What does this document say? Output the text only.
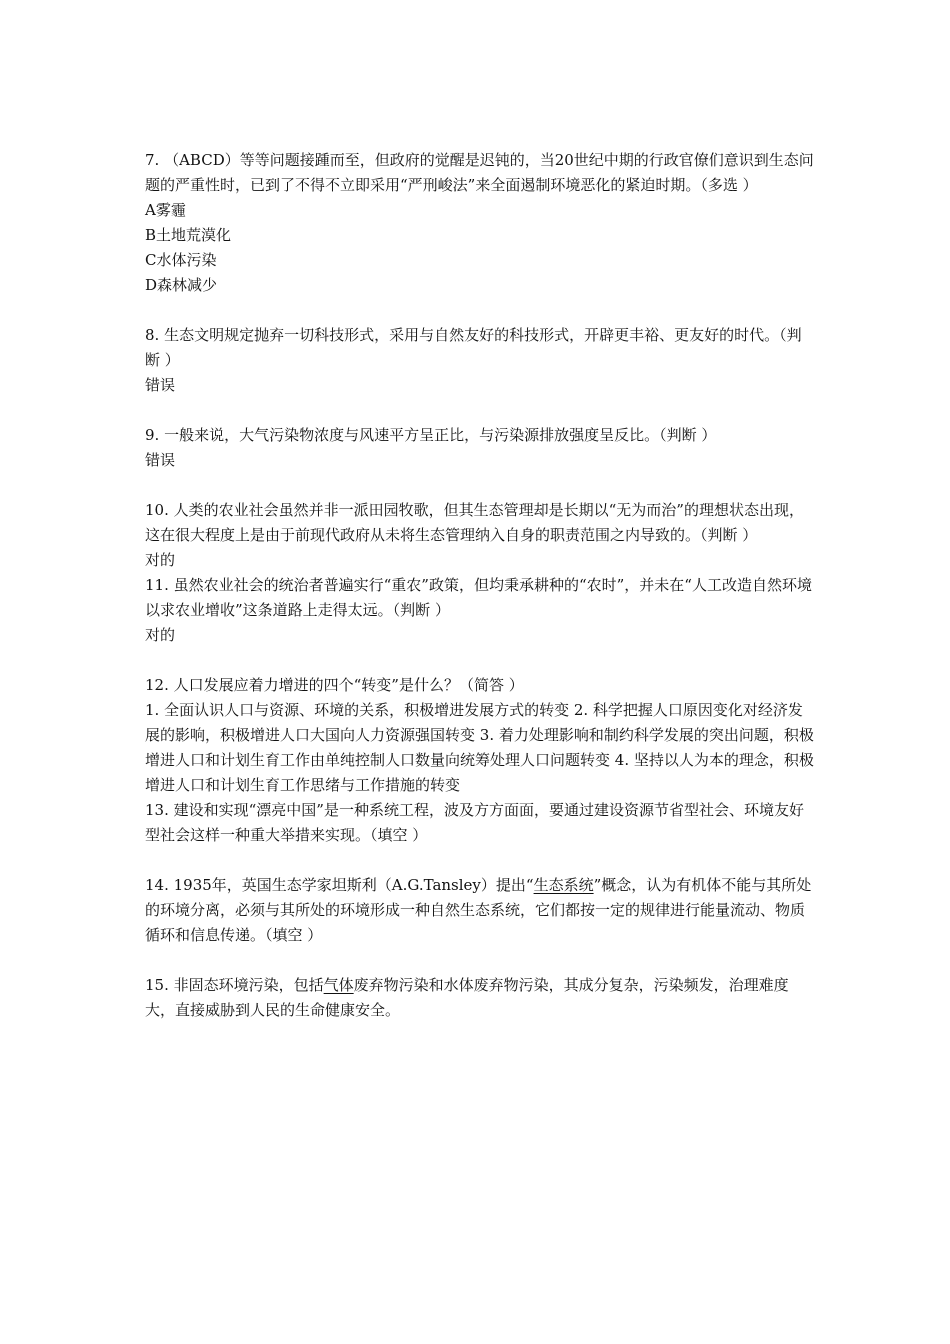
7. （ABCD）等等问题接踵而至，但政府的觉醒是迟钝的，当20世纪中期的行政官僚们意识到生态问题的严重性时，已到了不得不立即采用“严刑峻法”来全面遏制环境恶化的紧迫时期。（多选 ）

A雾霾
B土地荒漠化
C水体污染
D森林减少

8. 生态文明规定抛弃一切科技形式，采用与自然友好的科技形式，开辟更丰裕、更友好的时代。（判断 ）

错误

9. 一般来说，大气污染物浓度与风速平方呈正比，与污染源排放强度呈反比。（判断 ）

错误

10. 人类的农业社会虽然并非一派田园牧歌，但其生态管理却是长期以“无为而治”的理想状态出现，这在很大程度上是由于前现代政府从未将生态管理纳入自身的职责范围之内导致的。（判断 ）

对的

11. 虽然农业社会的统治者普遍实行“重农”政策，但均秉承耕种的“农时”，并未在“人工改造自然环境以求农业增收”这条道路上走得太远。（判断 ）

对的

12. 人口发展应着力增进的四个“转变”是什么？（简答 ）

1. 全面认识人口与资源、环境的关系，积极增进发展方式的转变 2. 科学把握人口原因变化对经济发展的影响，积极增进人口大国向人力资源强国转变 3. 着力处理影响和制约科学发展的突出问题，积极增进人口和计划生育工作由单纯控制人口数量向统筹处理人口问题转变 4. 坚持以人为本的理念，积极增进人口和计划生育工作思绪与工作措施的转变

13. 建设和实现“漂亮中国”是一种系统工程，波及方方面面，要通过建设资源节省型社会、环境友好型社会这样一种重大举措来实现。（填空 ）

14. 1935年，英国生态学家坦斯利（A.G.Tansley）提出“生态系统”概念，认为有机体不能与其所处的环境分离，必须与其所处的环境形成一种自然生态系统，它们都按一定的规律进行能量流动、物质循环和信息传递。（填空 ）

15. 非固态环境污染，包括气体废弃物污染和水体废弃物污染，其成分复杂，污染频发，治理难度大，直接威胁到人民的生命健康安全。
